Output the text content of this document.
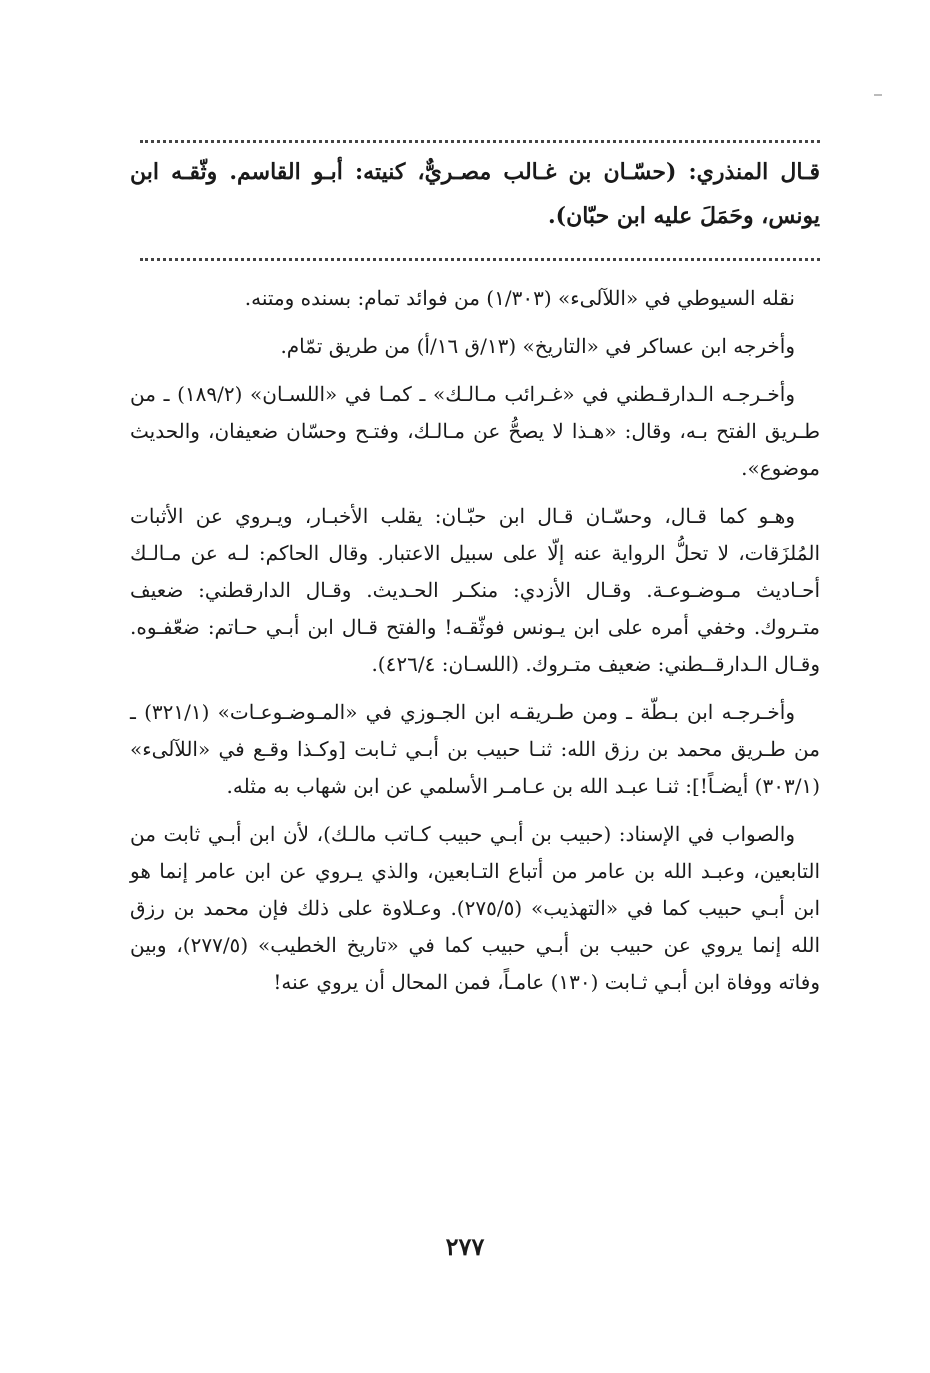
قـال المنذري: (حسّـان بن غـالب مصـريٌّ، كنيته: أبـو القاسم. وثّقـه ابن يونس، وحَمَلَ عليه ابن حبّان).

نقله السيوطي في «اللآلىء» (١/٣٠٣) من فوائد تمام: بسنده ومتنه.

وأخرجه ابن عساكر في «التاريخ» (١٣/ق ١٦/أ) من طريق تمّام.

وأخـرجـه الـدارقـطني في «غـرائب مـالـك» ـ كمـا في «اللسـان» (١٨٩/٢) ـ من طـريق الفتح بـه، وقال: «هـذا لا يصحُّ عن مـالـك، وفتـح وحسّان ضعيفان، والحديث موضوع».

وهـو كما قـال، وحسّـان قـال ابن حبّـان: يقلب الأخبـار، ويـروي عن الأثبات المُلزَقات، لا تحلُّ الرواية عنه إلّا على سبيل الاعتبار. وقال الحاكم: لـه عن مـالـك أحـاديث مـوضـوعـة. وقـال الأزدي: منكـر الحـديث. وقـال الدارقطني: ضعيف متـروك. وخفي أمره على ابن يـونس فوثّقـه! والفتح قـال ابن أبـي حـاتم: ضعّفـوه. وقـال الـدارقــطني: ضعيف متـروك. (اللسـان: ٤٢٦/٤).

وأخـرجـه ابن بـطّة ـ ومن طـريقـه ابن الجـوزي في «المـوضـوعـات» (٣٢١/١) ـ من طـريق محمد بن رزق الله: ثنـا حبيب بن أبـي ثـابت [وكـذا وقـع في «اللآلىء» (٣٠٣/١) أيضـاً!]: ثنـا عبـد الله بن عـامـر الأسلمي عن ابن شهاب به مثله.

والصواب في الإسناد: (حبيب بن أبـي حبيب كـاتب مالـك)، لأن ابن أبـي ثابت من التابعين، وعبـد الله بن عامر من أتباع التـابعين، والذي يـروي عن ابن عامر إنما هو ابن أبـي حبيب كما في «التهذيب» (٢٧٥/٥). وعـلاوة على ذلك فإن محمد بن رزق الله إنما يروي عن حبيب بن أبـي حبيب كما في «تاريخ الخطيب» (٢٧٧/٥)، وبين وفاته ووفاة ابن أبـي ثـابت (١٣٠) عامـاً، فمن المحال أن يروي عنه!

٢٧٧
